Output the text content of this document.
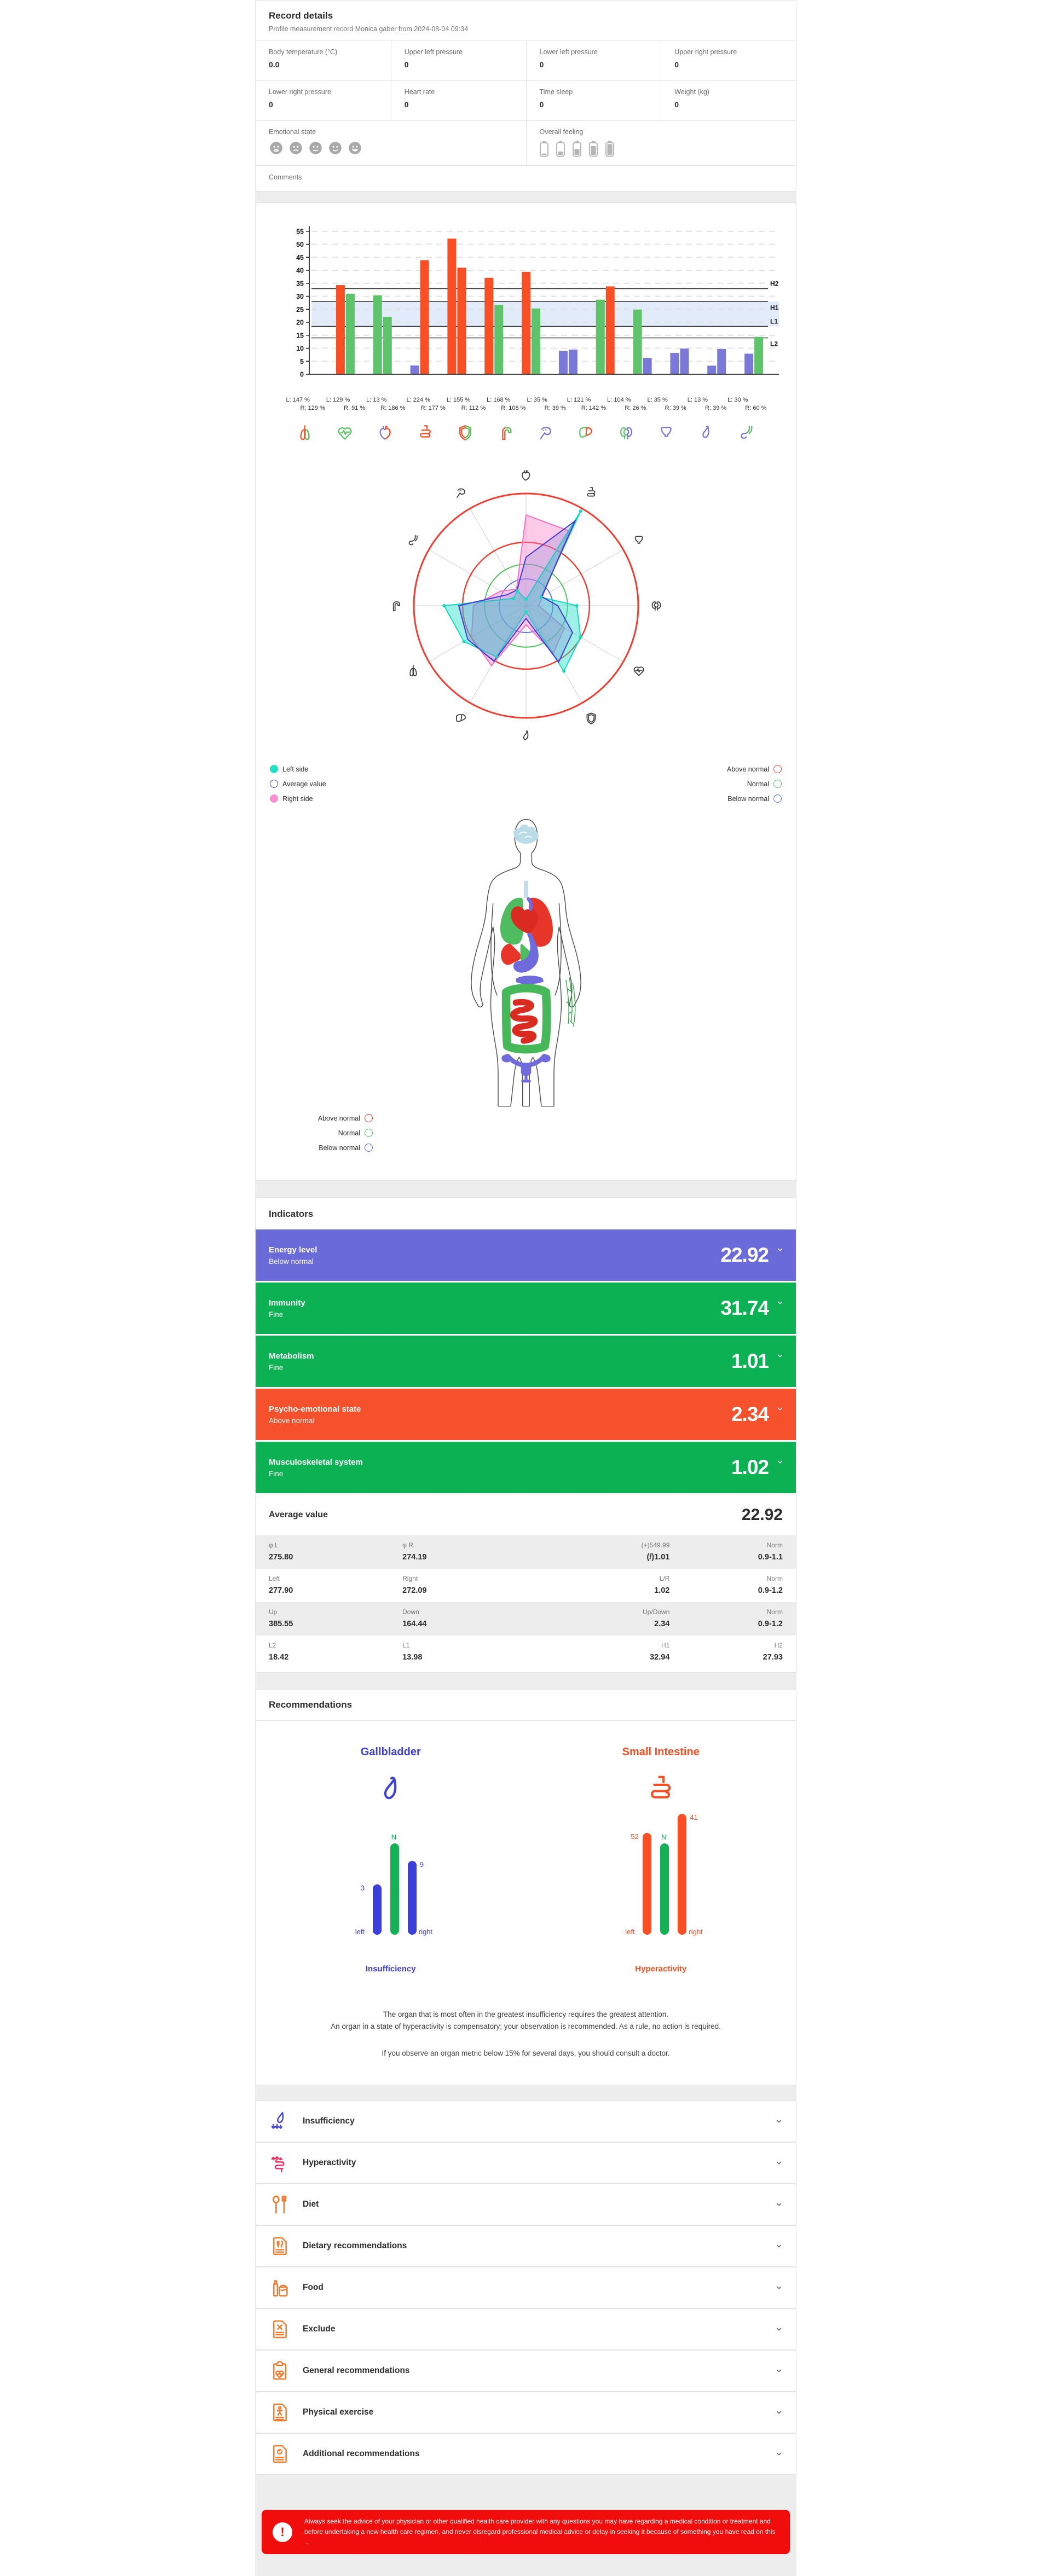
Record details
Profile measurement record Monica gaber from 2024-08-04 09:34
Body temperature (°C)
0.0
Upper left pressure
0
Lower left pressure
0
Upper right pressure
0
Lower right pressure
0
Heart rate
0
Time sleep
0
Weight (kg)
0
Emotional state	Overall feeling
Comments
0
5
10
15
20
25
30
35
40
45
50
55
H2
H1
L1
L2
L: 147 %
R: 129 %
L: 129 %
R: 91 %
L: 13 %
R: 186 %
L: 224 %
R: 177 %
L: 155 %
R: 112 %
L: 168 %
R: 108 %
L: 35 %
R: 39 %
L: 121 %
R: 142 %
L: 104 %
R: 26 %
L: 35 %
R: 39 %
L: 13 %
R: 39 %
L: 30 %
R: 60 %
Left side
Average value
Right side
Above normal
Normal
Below normal
Above normal
Normal
Below normal
Indicators
Energy level
Below normal	22.92
Immunity
Fine	31.74
Metabolism
Fine	1.01
Psycho-emotional state
Above normal	2.34
Musculoskeletal system
Fine	1.02
Average value	22.92
φ L
275.80
φ R
274.19
(+)549.99
(/)1.01
Norm
0.9-1.1
Left
277.90
Right
272.09
L/R
1.02
Norm
0.9-1.2
Up
385.55
Down
164.44
Up/Down
2.34
Norm
0.9-1.2
L2
18.42
L1
13.98
H1
32.94
H2
27.93
Recommendations
Gallbladder
3
N
9
left	right
Insufficiency
Small Intestine
52	N
41
left	right
Hyperactivity
The organ that is most often in the greatest insufficiency requires the greatest attention.
An organ in a state of hyperactivity is compensatory; your observation is recommended. As a rule, no action is required.
If you observe an organ metric below 15% for several days, you should consult a doctor.
Insufficiency
Hyperactivity
Diet
Dietary recommendations
Food
Exclude
General recommendations
Physical exercise
Additional recommendations
!
Always seek the advice of your physician or other qualified health care provider with any questions you may have regarding a medical condition or treatment and before undertaking a new health care regimen, and never disregard professional medical advice or delay in seeking it because of something you have read on this ...
